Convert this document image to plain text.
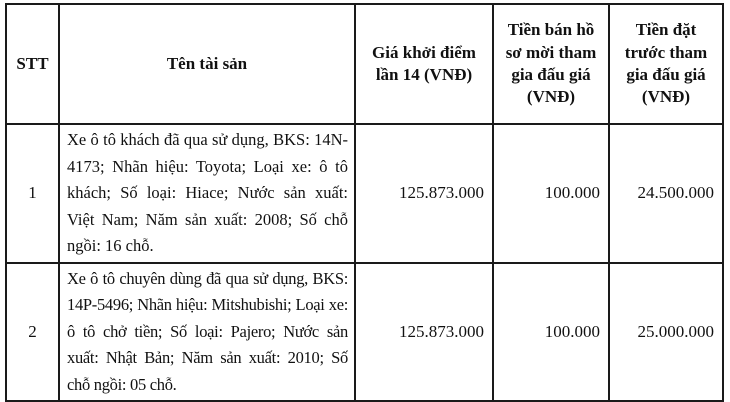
STT	Tên tài sản	Giá khởi điểm lần 14 (VNĐ)	Tiền bán hồ sơ mời tham gia đấu giá (VNĐ)	Tiền đặt trước tham gia đấu giá (VNĐ)
1	Xe ô tô khách đã qua sử dụng, BKS: 14N-4173; Nhãn hiệu: Toyota; Loại xe: ô tô khách; Số loại: Hiace; Nước sản xuất: Việt Nam; Năm sản xuất: 2008; Số chỗ ngồi: 16 chỗ.	125.873.000	100.000	24.500.000
2	Xe ô tô chuyên dùng đã qua sử dụng, BKS: 14P-5496; Nhãn hiệu: Mitshubishi; Loại xe: ô tô chở tiền; Số loại: Pajero; Nước sản xuất: Nhật Bản; Năm sản xuất: 2010; Số chỗ ngồi: 05 chỗ.	125.873.000	100.000	25.000.000
